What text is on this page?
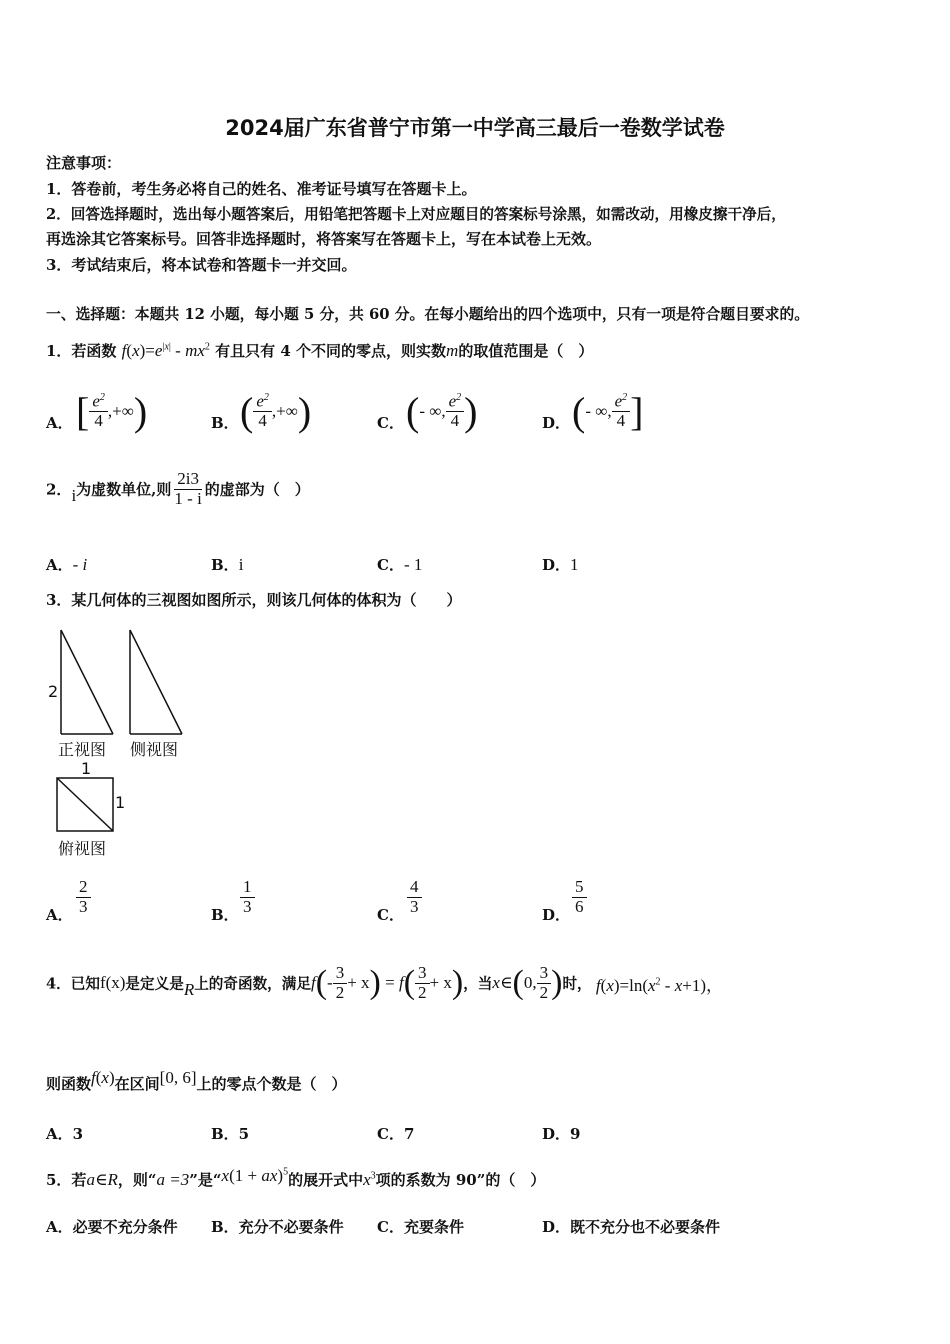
2024届广东省普宁市第一中学高三最后一卷数学试卷
注意事项：
1．答卷前，考生务必将自己的姓名、准考证号填写在答题卡上。
2．回答选择题时，选出每小题答案后，用铅笔把答题卡上对应题目的答案标号涂黑，如需改动，用橡皮擦干净后，
再选涂其它答案标号。回答非选择题时，将答案写在答题卡上，写在本试卷上无效。
3．考试结束后，将本试卷和答题卡一并交回。
一、选择题：本题共 12 小题，每小题 5 分，共 60 分。在每小题给出的四个选项中，只有一项是符合题目要求的。
1．若函数 $f(x)=e^{|x|} - mx^2$ 有且只有 4 个不同的零点，则实数m的取值范围是（　）
A． [ $\frac{e^2}{4}$ ,+∞)	B． ( $\frac{e^2}{4}$ ,+∞)	C． (- ∞, $\frac{e^2}{4}$ )	D． (- ∞, $\frac{e^2}{4}$ ]
2．i为虚数单位,则 $\frac{2i3}{1 - i}$ 的虚部为（　）
A．- i	B．i	C．- 1	D．1
3．某几何体的三视图如图所示，则该几何体的体积为（　　）
2
正视图 侧视图
1
1
俯视图
A． $\frac{2}{3}$	B． $\frac{1}{3}$	C． $\frac{4}{3}$	D． $\frac{5}{6}$
4．已知f(x)是定义是R上的奇函数，满足$f(- \frac{3}{2} + x) = f( \frac{3}{2} + x)$，当x∈(0, $\frac{3}{2}$ )时， $f(x)=\ln(x^2 - x+1)$，
则函数f(x)在区间[0, 6]上的零点个数是（　）
A．3	B．5	C．7	D．9
5．若a∈R，则“a =3”是“x(1 + ax)$^5$的展开式中$x^3$项的系数为 90”的（　）
A．必要不充分条件 B．充分不必要条件 C．充要条件	D．既不充分也不必要条件
